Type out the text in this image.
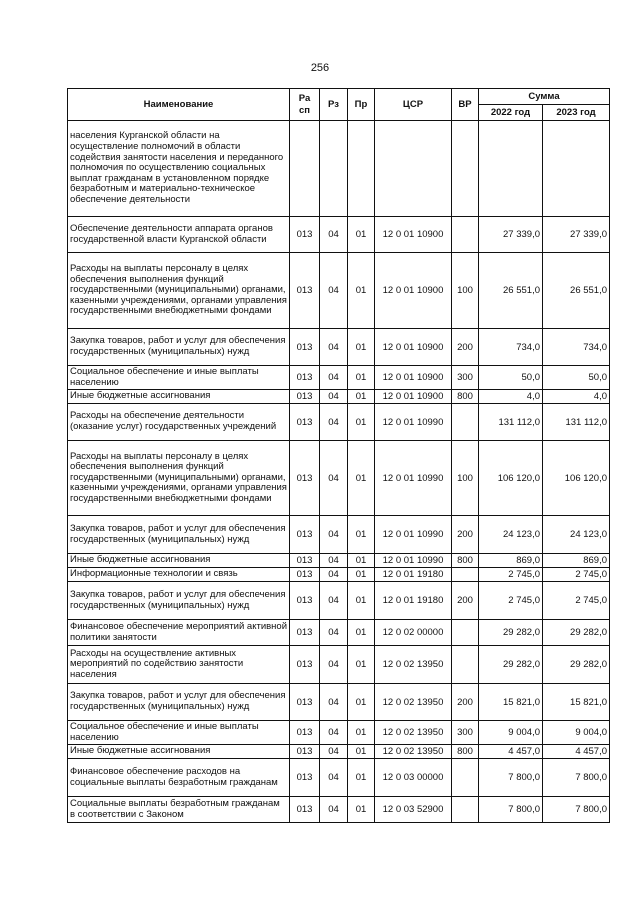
256
Наименование	Ра сп	Рз	Пр	ЦСР	ВР	Сумма	
						2022 год	2023 год
населения Курганской области на осуществление полномочий в области содействия занятости населения и переданного полномочия по осуществлению социальных выплат гражданам в установленном порядке безработным и материально-техническое обеспечение деятельности							
Обеспечение деятельности аппарата органов государственной власти Курганской области	013	04	01	12 0 01 10900		27 339,0	27 339,0
Расходы на выплаты персоналу в целях обеспечения выполнения функций государственными (муниципальными) органами, казенными учреждениями, органами управления государственными внебюджетными фондами	013	04	01	12 0 01 10900	100	26 551,0	26 551,0
Закупка товаров, работ и услуг для обеспечения государственных (муниципальных) нужд	013	04	01	12 0 01 10900	200	734,0	734,0
Социальное обеспечение и иные выплаты населению	013	04	01	12 0 01 10900	300	50,0	50,0
Иные бюджетные ассигнования	013	04	01	12 0 01 10900	800	4,0	4,0
Расходы на обеспечение деятельности (оказание услуг) государственных учреждений	013	04	01	12 0 01 10990		131 112,0	131 112,0
Расходы на выплаты персоналу в целях обеспечения выполнения функций государственными (муниципальными) органами, казенными учреждениями, органами управления государственными внебюджетными фондами	013	04	01	12 0 01 10990	100	106 120,0	106 120,0
Закупка товаров, работ и услуг для обеспечения государственных (муниципальных) нужд	013	04	01	12 0 01 10990	200	24 123,0	24 123,0
Иные бюджетные ассигнования	013	04	01	12 0 01 10990	800	869,0	869,0
Информационные технологии и связь	013	04	01	12 0 01 19180		2 745,0	2 745,0
Закупка товаров, работ и услуг для обеспечения государственных (муниципальных) нужд	013	04	01	12 0 01 19180	200	2 745,0	2 745,0
Финансовое обеспечение мероприятий активной политики занятости	013	04	01	12 0 02 00000		29 282,0	29 282,0
Расходы на осуществление активных мероприятий по содействию занятости населения	013	04	01	12 0 02 13950		29 282,0	29 282,0
Закупка товаров, работ и услуг для обеспечения государственных (муниципальных) нужд	013	04	01	12 0 02 13950	200	15 821,0	15 821,0
Социальное обеспечение и иные выплаты населению	013	04	01	12 0 02 13950	300	9 004,0	9 004,0
Иные бюджетные ассигнования	013	04	01	12 0 02 13950	800	4 457,0	4 457,0
Финансовое обеспечение расходов на социальные выплаты безработным гражданам	013	04	01	12 0 03 00000		7 800,0	7 800,0
Социальные выплаты безработным гражданам в соответствии с Законом	013	04	01	12 0 03 52900		7 800,0	7 800,0
